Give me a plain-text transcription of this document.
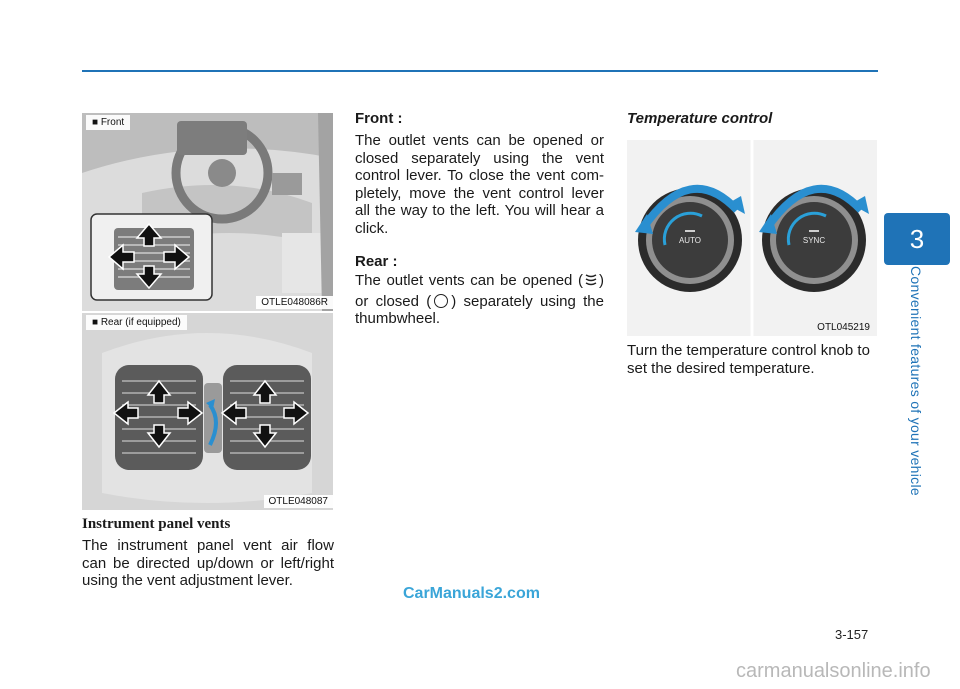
3
Convenient features of your vehicle
■ Front
OTLE048086R
■ Rear (if equipped)
OTLE048087
Instrument panel vents
The instrument panel vent air flow can be directed up/down or left/right using the vent adjustment lever.
Front :
The outlet vents can be opened or closed separately using the vent control lever. To close the vent com-pletely, move the vent control lever all the way to the left. You will hear a click.
Rear :
The outlet vents can be opened ( ) or closed ( ) separately using the thumbwheel.
Temperature control
AUTO	SYNC
OTL045219
Turn the temperature control knob to set the desired temperature.
CarManuals2.com
3-157
carmanualsonline.info
